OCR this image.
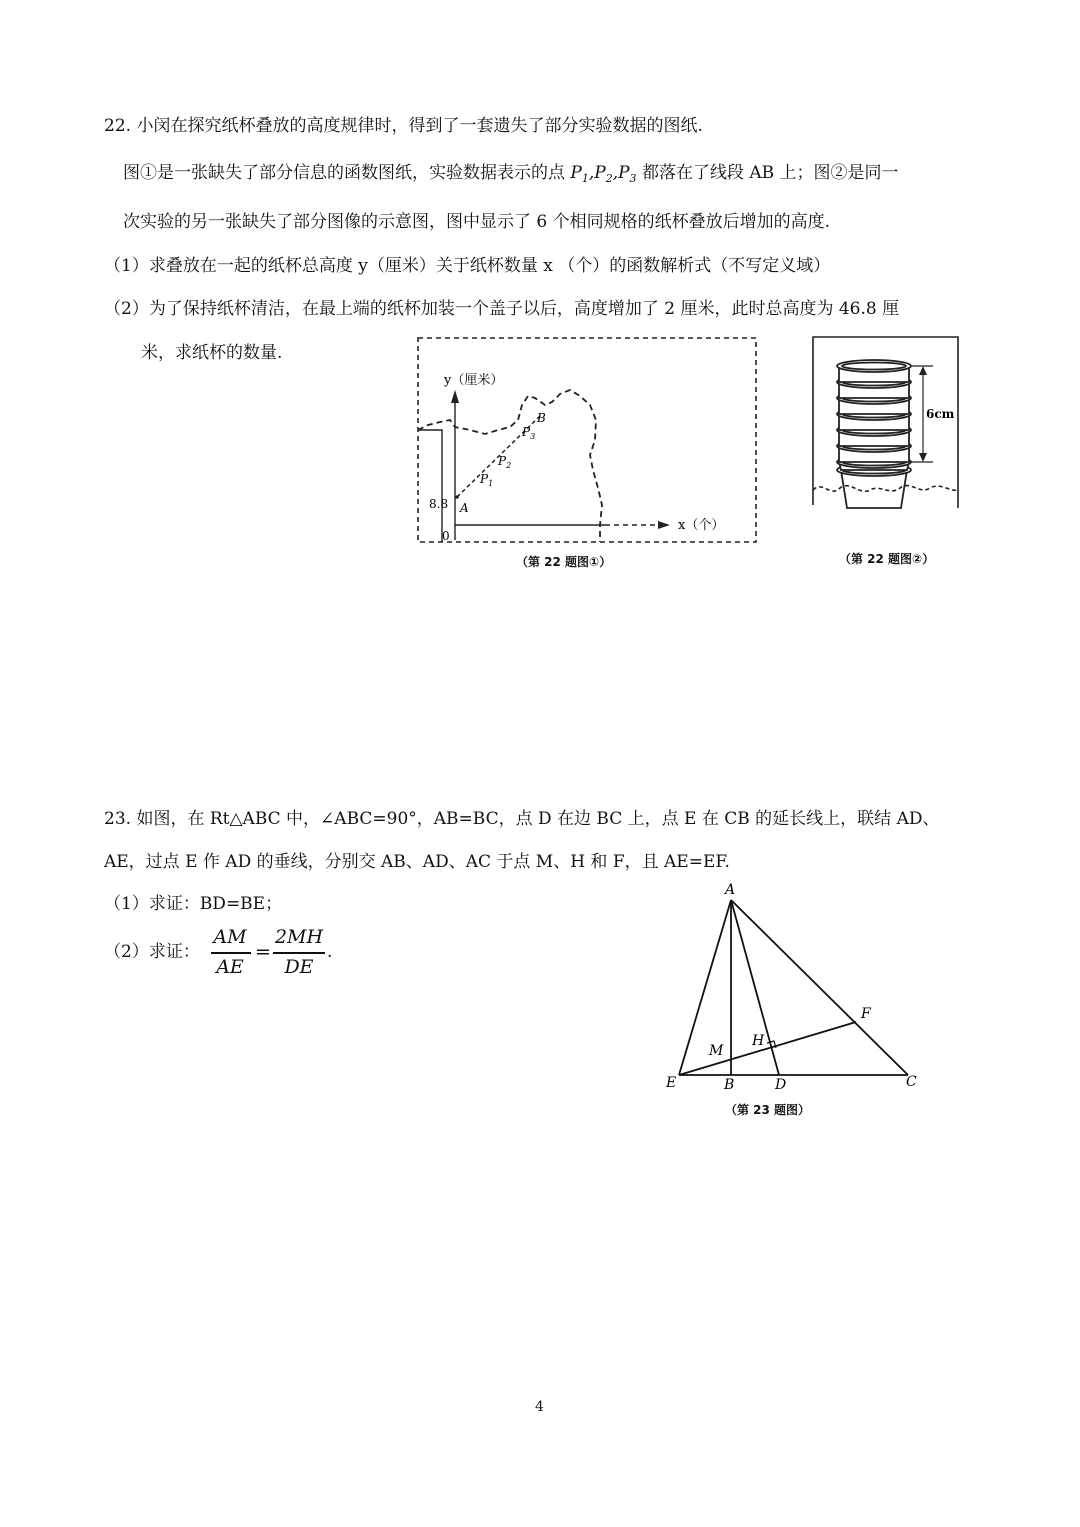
22. 小闵在探究纸杯叠放的高度规律时，得到了一套遗失了部分实验数据的图纸.
图①是一张缺失了部分信息的函数图纸，实验数据表示的点 $P_1,P_2,P_3$ 都落在了线段 AB 上；图②是同一
次实验的另一张缺失了部分图像的示意图，图中显示了 6 个相同规格的纸杯叠放后增加的高度.
（1）求叠放在一起的纸杯总高度 y（厘米）关于纸杯数量 x （个）的函数解析式（不写定义域）
（2）为了保持纸杯清洁，在最上端的纸杯加装一个盖子以后，高度增加了 2 厘米，此时总高度为 46.8 厘
米，求纸杯的数量.
y（厘米）
x（个）
8.8
0
A
B
$P_1$
$P_2$
$P_3$
（第 22 题图①）
6cm
（第 22 题图②）
23. 如图，在 Rt△ABC 中，∠ABC=90°，AB=BC，点 D 在边 BC 上，点 E 在 CB 的延长线上，联结 AD、
AE，过点 E 作 AD 的垂线，分别交 AB、AD、AC 于点 M、H 和 F，且 AE=EF.
（1）求证：BD=BE；
（2）求证：
AM
AE
=
2MH
DE
.
A
E	B	D	C
F
H
M
（第 23 题图）
4
